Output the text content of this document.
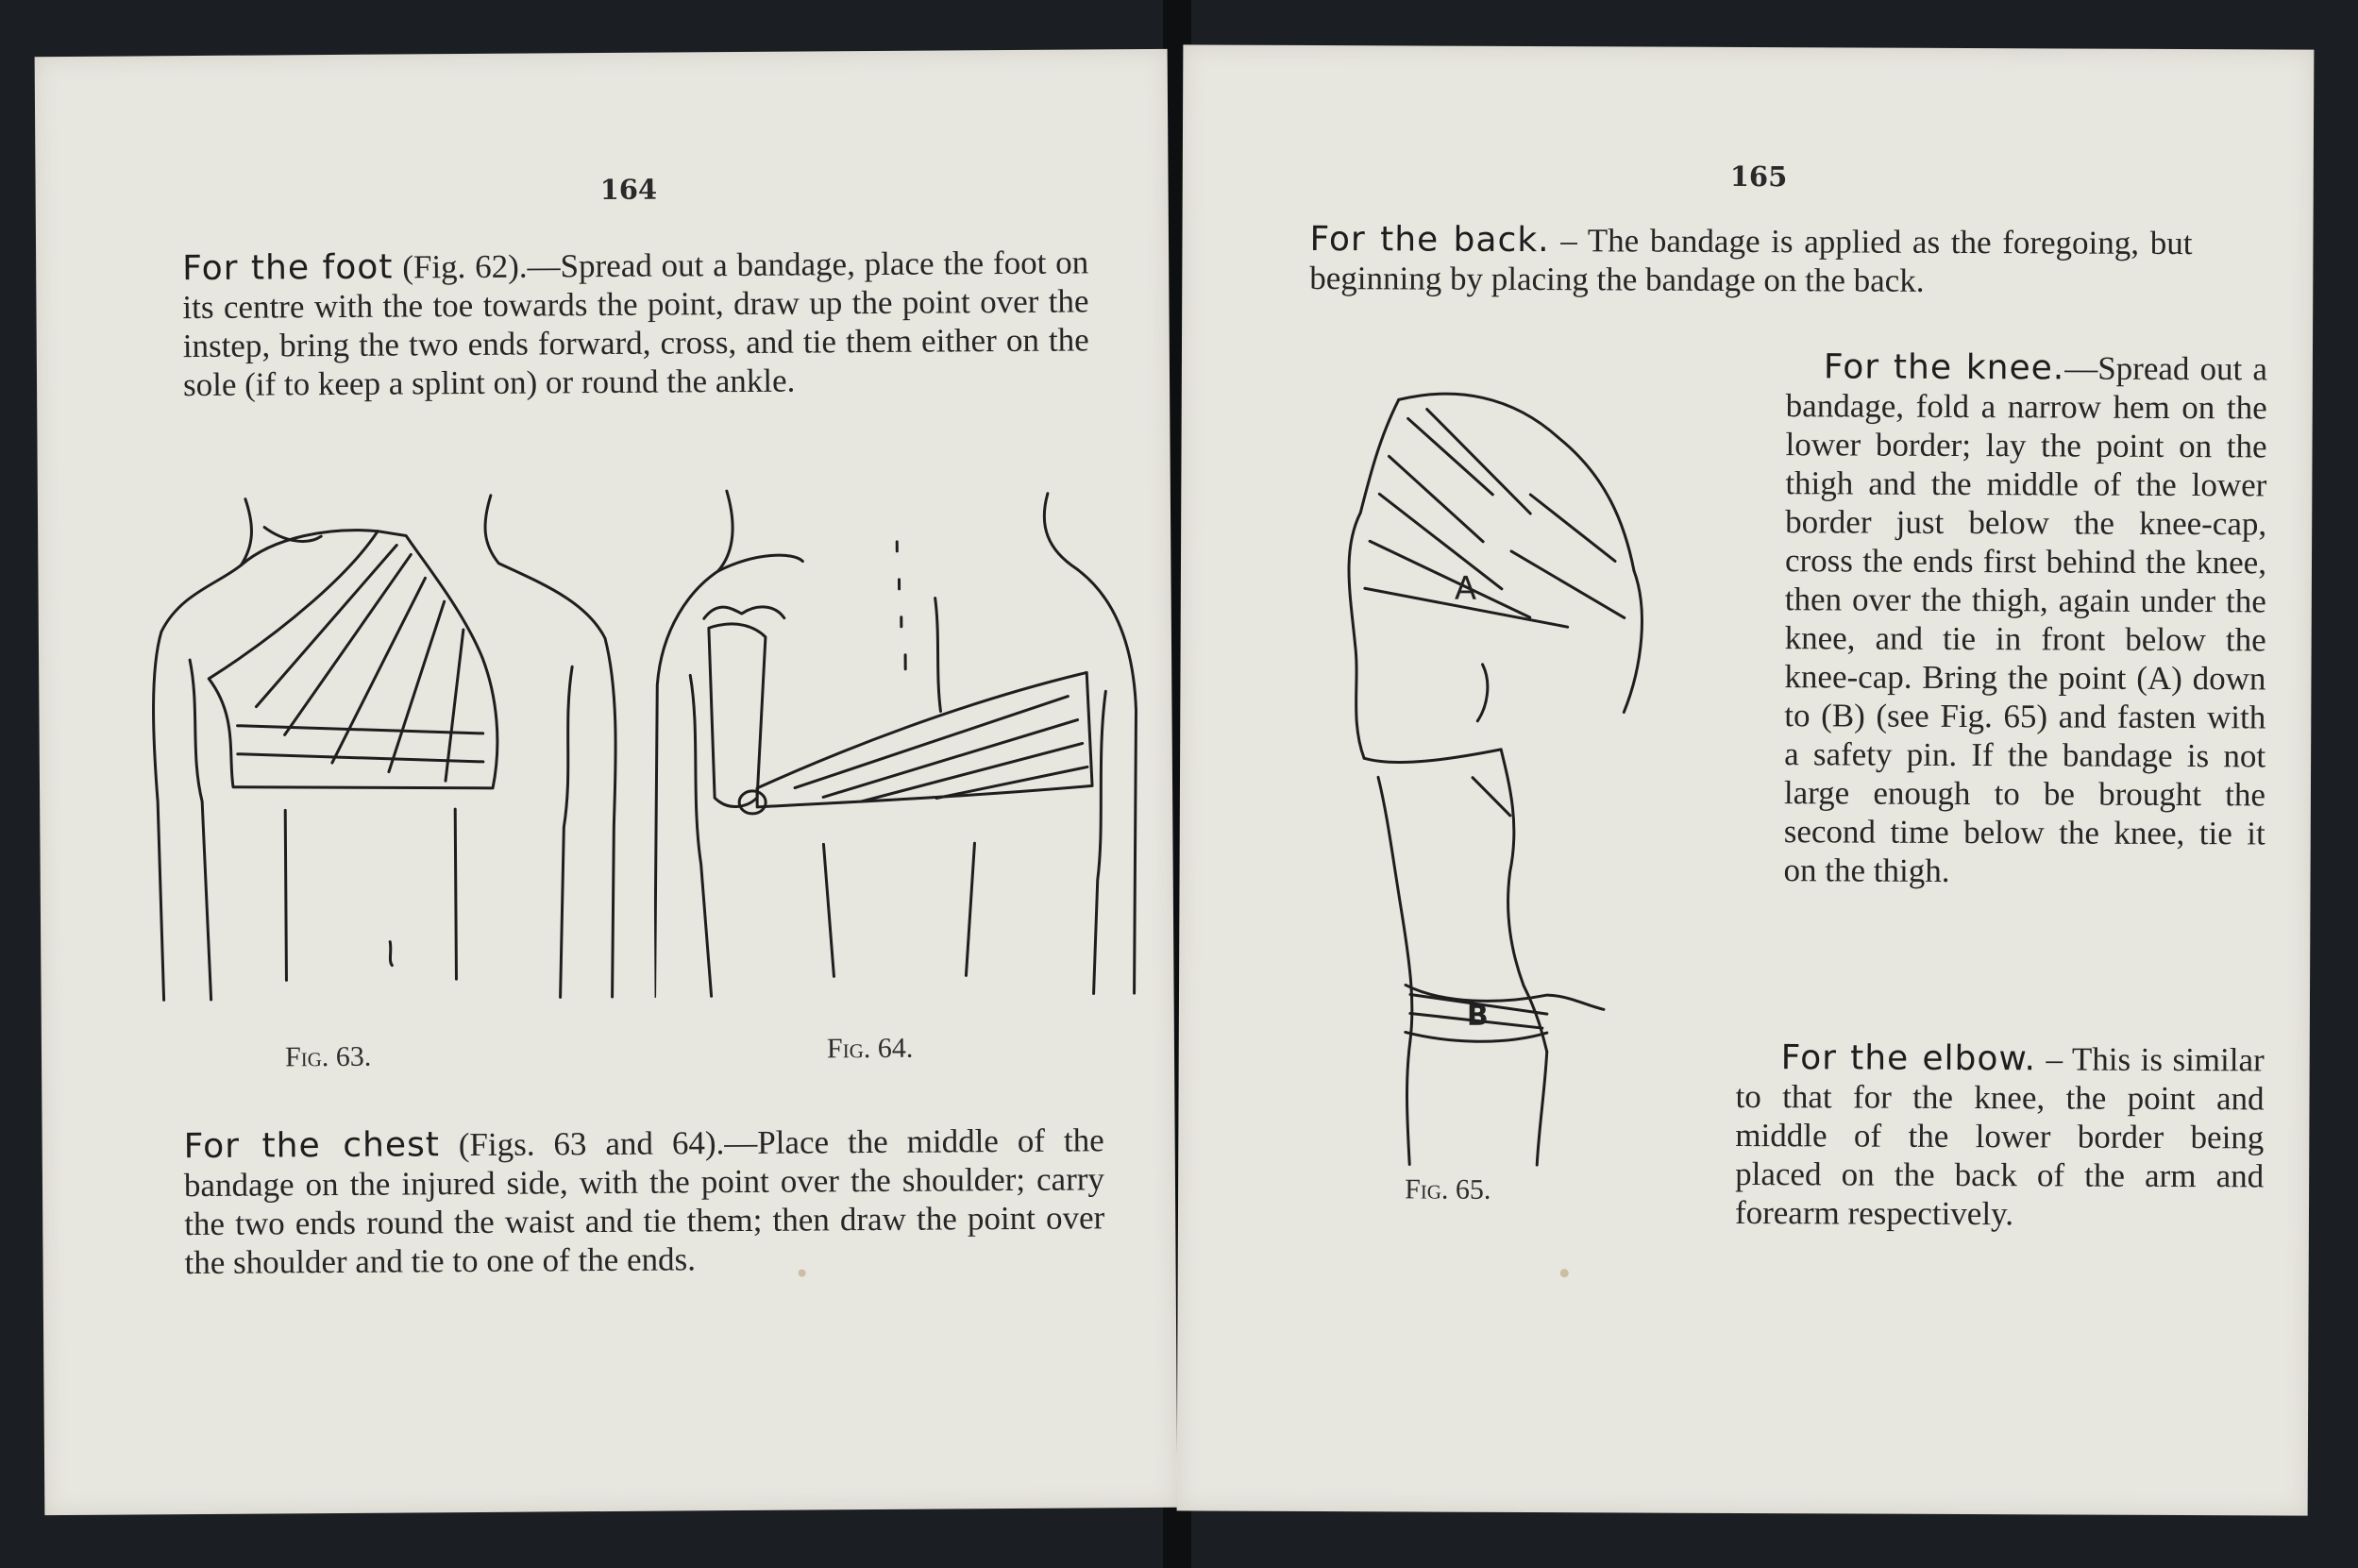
164
For the foot (Fig. 62).—Spread out a bandage, place the foot on its centre with the toe towards the point, draw up the point over the instep, bring the two ends forward, cross, and tie them either on the sole (if to keep a splint on) or round the ankle.
Fig. 63.	Fig. 64.
For the chest (Figs. 63 and 64).—Place the middle of the bandage on the injured side, with the point over the shoulder; carry the two ends round the waist and tie them; then draw the point over the shoulder and tie to one of the ends.
165
For the back. – The bandage is applied as the foregoing, but beginning by placing the bandage on the back.
A
B
Fig. 65.
For the knee.—Spread out a bandage, fold a narrow hem on the lower border; lay the point on the thigh and the middle of the lower border just below the knee-cap, cross the ends first behind the knee, then over the thigh, again under the knee, and tie in front below the knee-cap. Bring the point (A) down to (B) (see Fig. 65) and fasten with a safety pin. If the bandage is not large enough to be brought the second time below the knee, tie it on the thigh.
For the elbow. – This is similar to that for the knee, the point and middle of the lower border being placed on the back of the arm and forearm respectively.
